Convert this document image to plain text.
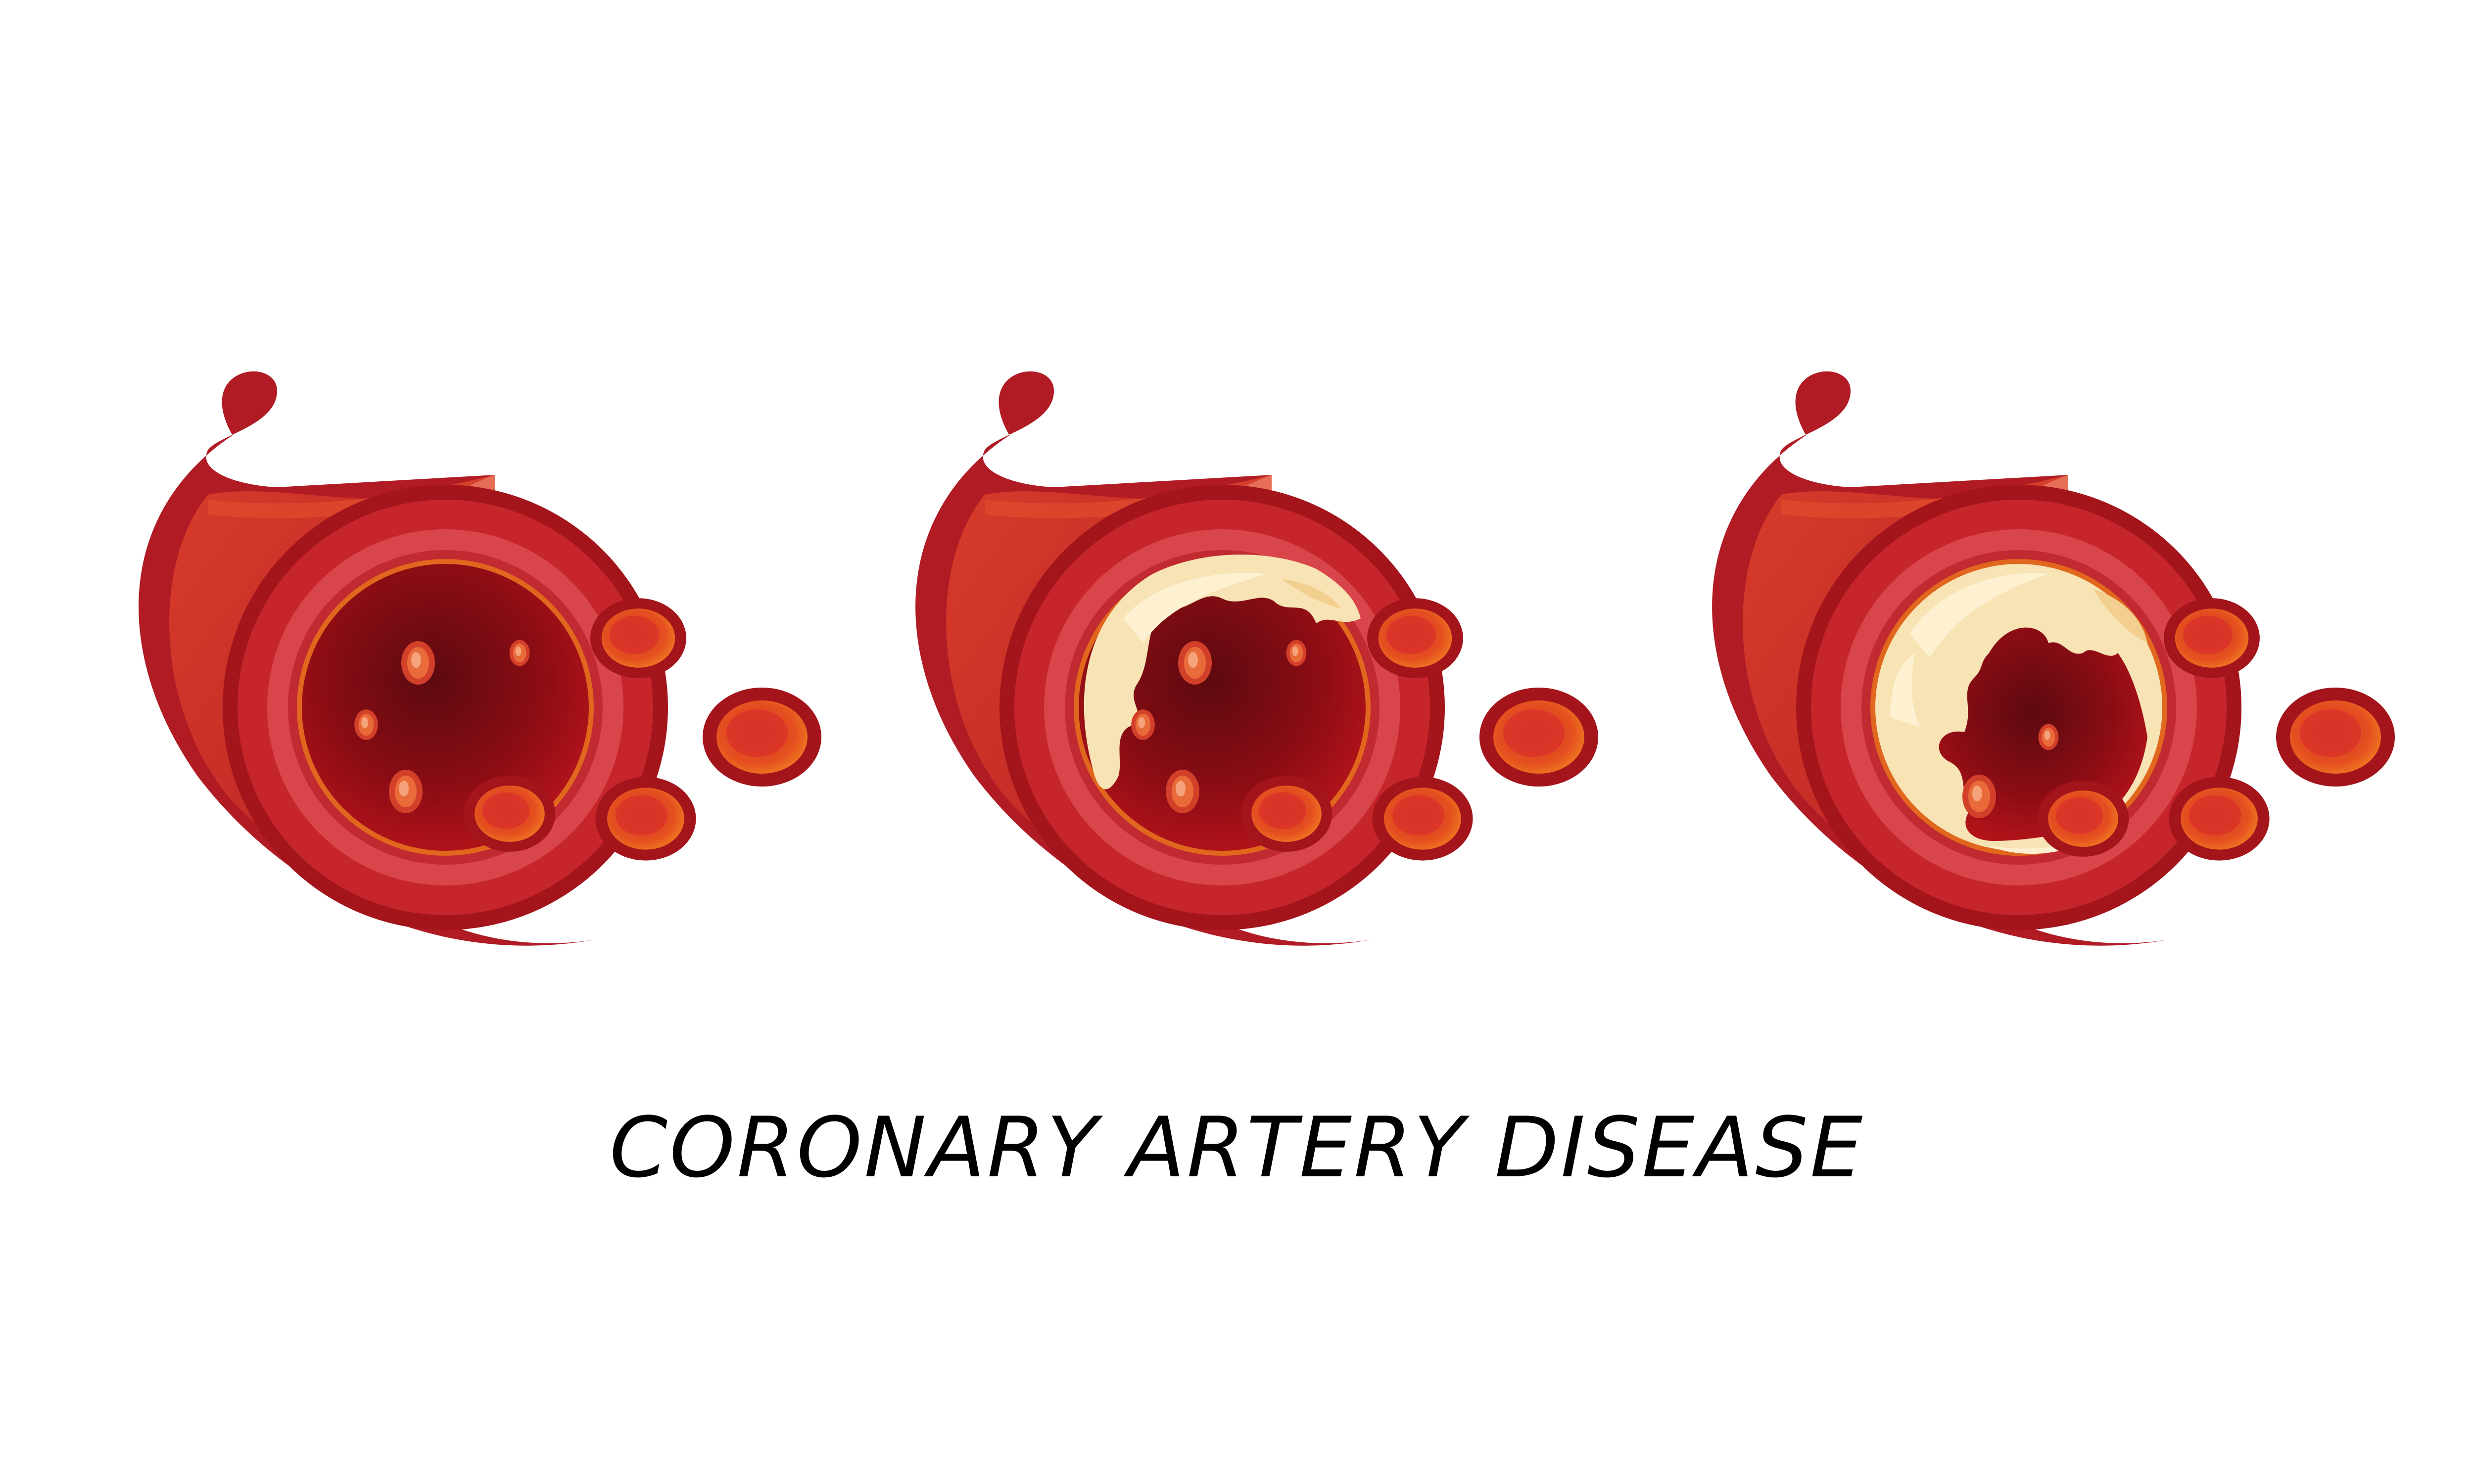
CORONARY ARTERY DISEASE
